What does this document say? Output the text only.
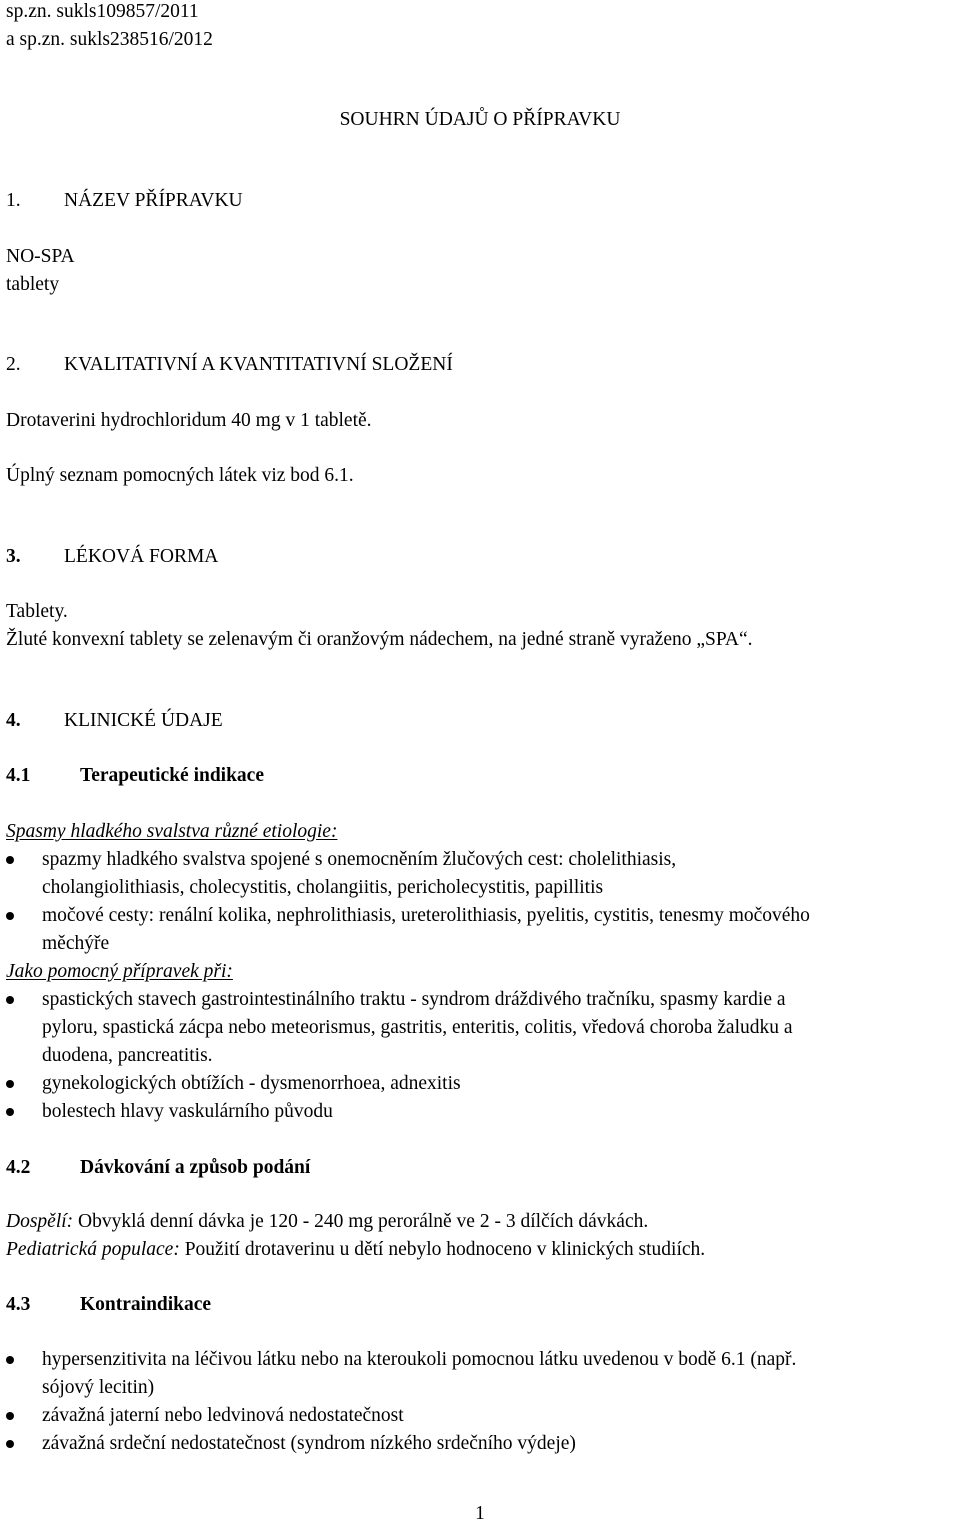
sp.zn. sukls109857/2011
a sp.zn. sukls238516/2012
SOUHRN ÚDAJŮ O PŘÍPRAVKU
1. NÁZEV PŘÍPRAVKU
NO-SPA
tablety
2. KVALITATIVNÍ A KVANTITATIVNÍ SLOŽENÍ
Drotaverini hydrochloridum 40 mg v 1 tabletě.
Úplný seznam pomocných látek viz bod 6.1.
3. LÉKOVÁ FORMA
Tablety.
Žluté konvexní tablety se zelenavým či oranžovým nádechem, na jedné straně vyraženo „SPA“.
4. KLINICKÉ ÚDAJE
4.1	Terapeutické indikace
Spasmy hladkého svalstva různé etiologie:
spazmy hladkého svalstva spojené s onemocněním žlučových cest: cholelithiasis,
cholangiolithiasis, cholecystitis, cholangiitis, pericholecystitis, papillitis
močové cesty: renální kolika, nephrolithiasis, ureterolithiasis, pyelitis, cystitis, tenesmy močového
měchýře
Jako pomocný přípravek při:
spastických stavech gastrointestinálního traktu - syndrom dráždivého tračníku, spasmy kardie a
pyloru, spastická zácpa nebo meteorismus, gastritis, enteritis, colitis, vředová choroba žaludku a
duodena, pancreatitis.
gynekologických obtížích - dysmenorrhoea, adnexitis
bolestech hlavy vaskulárního původu
4.2	Dávkování a způsob podání
Dospělí: Obvyklá denní dávka je 120 - 240 mg perorálně ve 2 - 3 dílčích dávkách.
Pediatrická populace: Použití drotaverinu u dětí nebylo hodnoceno v klinických studiích.
4.3	Kontraindikace
hypersenzitivita na léčivou látku nebo na kteroukoli pomocnou látku uvedenou v bodě 6.1 (např.
sójový lecitin)
závažná jaterní nebo ledvinová nedostatečnost
závažná srdeční nedostatečnost (syndrom nízkého srdečního výdeje)
1
